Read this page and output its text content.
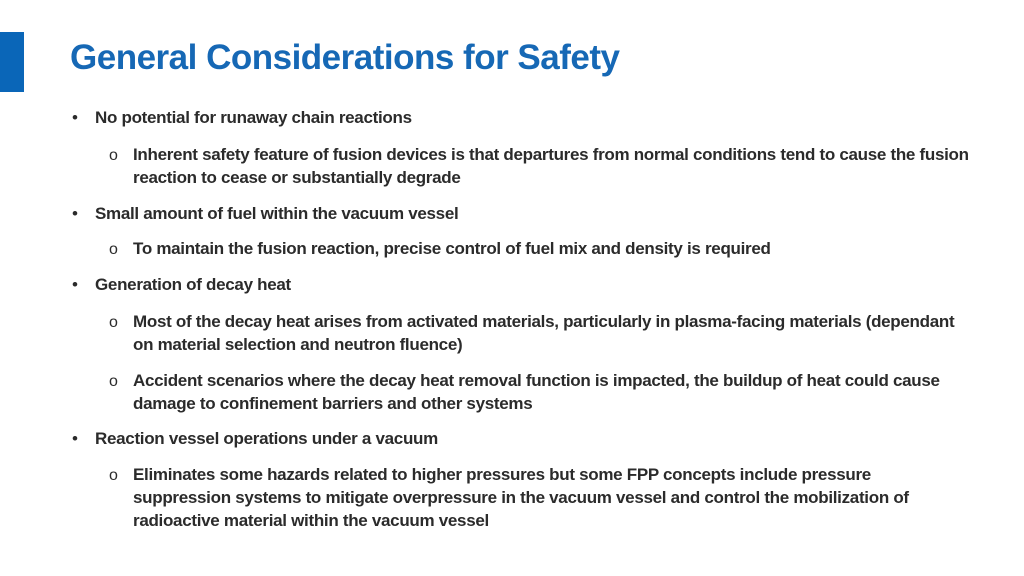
General Considerations for Safety
• No potential for runaway chain reactions
o Inherent safety feature of fusion devices is that departures from normal conditions tend to cause the fusion reaction to cease or substantially degrade
• Small amount of fuel within the vacuum vessel
o To maintain the fusion reaction, precise control of fuel mix and density is required
• Generation of decay heat
o Most of the decay heat arises from activated materials, particularly in plasma-facing materials (dependant on material selection and neutron fluence)
o Accident scenarios where the decay heat removal function is impacted, the buildup of heat could cause damage to confinement barriers and other systems
• Reaction vessel operations under a vacuum
o Eliminates some hazards related to higher pressures but some FPP concepts include pressure suppression systems to mitigate overpressure in the vacuum vessel and control the mobilization of radioactive material within the vacuum vessel
